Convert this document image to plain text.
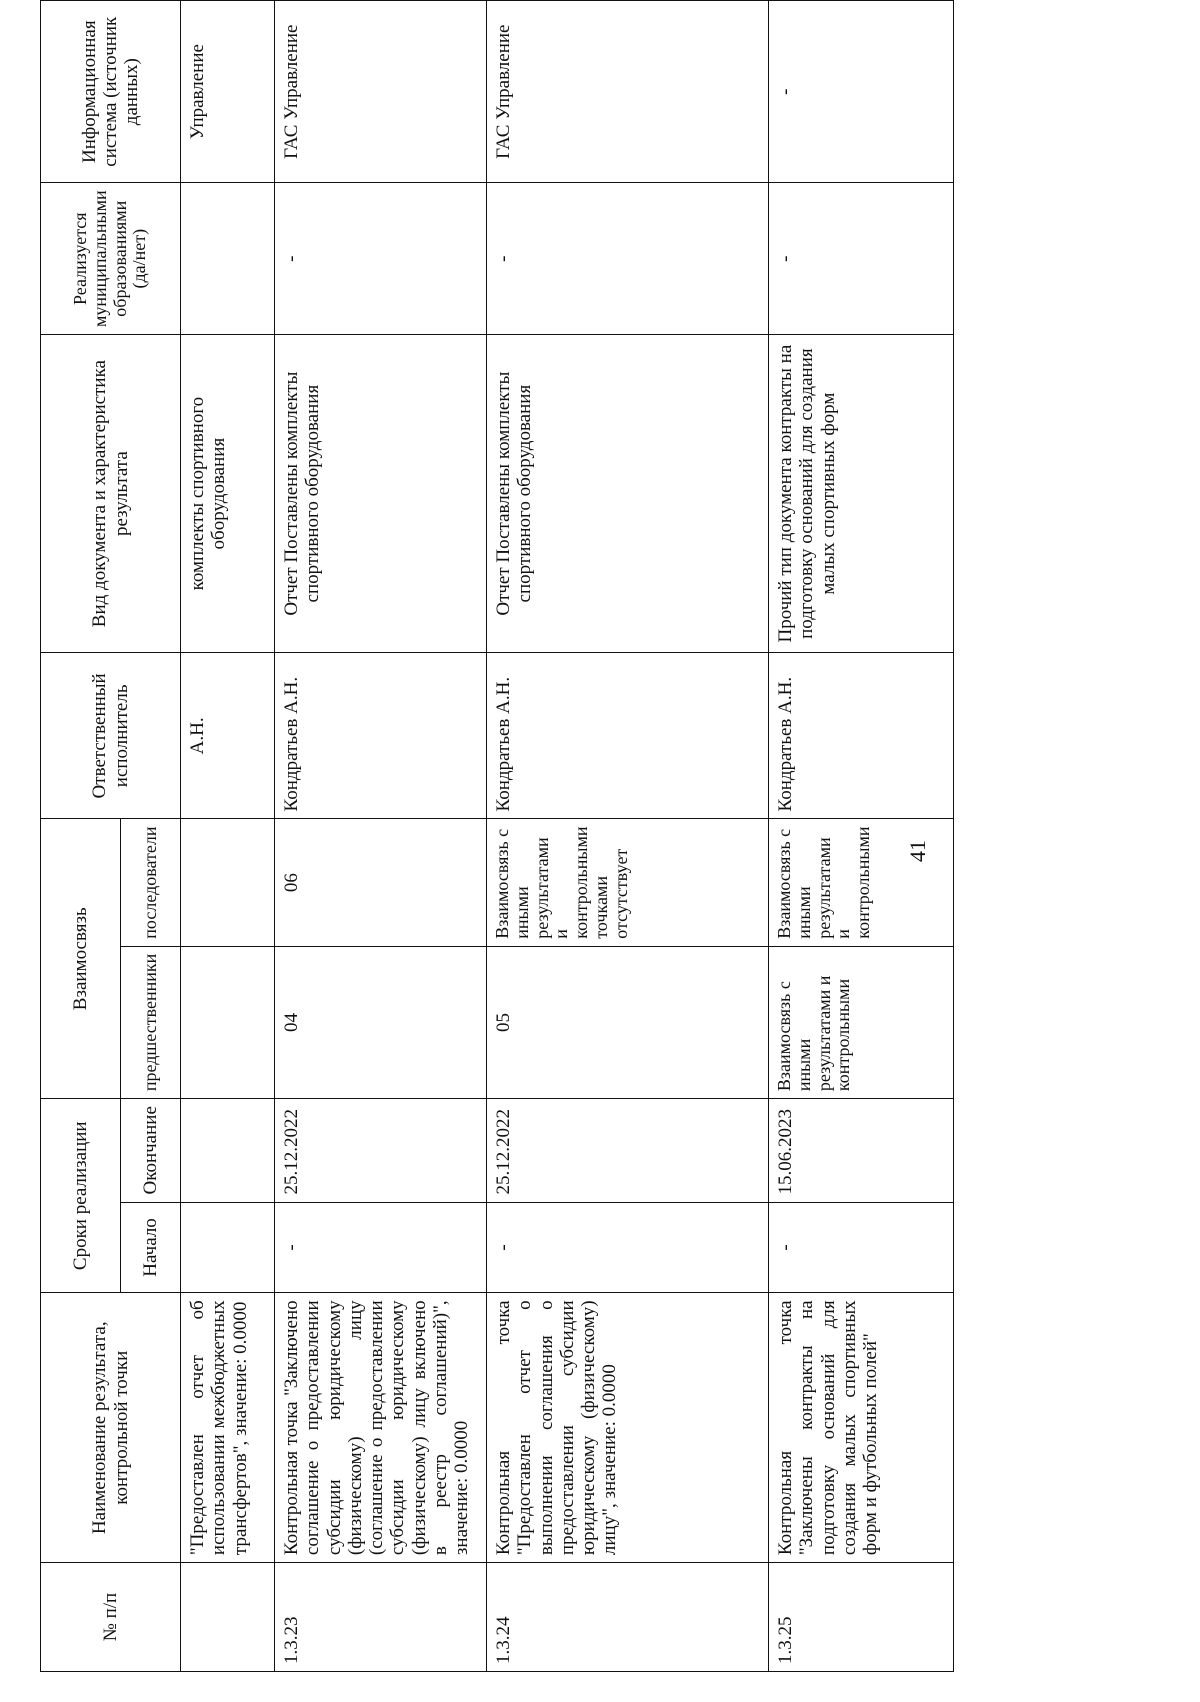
41
№ п/п	Наименование результата, контрольной точки	Сроки реализации		Взаимосвязь		Ответственный исполнитель	Вид документа и характеристика результата	Реализуется муниципальными образованиями (да/нет)	Информационная система (источник данных)
		Начало	Окончание	предшественники	последователи				
	"Предоставлен отчет об использовании межбюджетных трансфертов", значение: 0.0000					А.Н.	комплекты спортивного оборудования		Управление
1.3.23	Контрольная точка "Заключено соглашение о предоставлении субсидии юридическому (физическому) лицу (соглашение о предоставлении субсидии юридическому (физическому) лицу включено в реестр соглашений)", значение: 0.0000	-	25.12.2022	04	06	Кондратьев А.Н.	Отчет Поставлены комплекты спортивного оборудования	-	ГАС Управление
1.3.24	Контрольная точка "Предоставлен отчет о выполнении соглашения о предоставлении субсидии юридическому (физическому) лицу", значение: 0.0000	-	25.12.2022	05	Взаимосвязь с иными результатами и контрольными точками отсутствует	Кондратьев А.Н.	Отчет Поставлены комплекты спортивного оборудования	-	ГАС Управление
1.3.25	Контрольная точка "Заключены контракты на подготовку оснований для создания малых спортивных форм и футбольных полей"	-	15.06.2023	Взаимосвязь с иными результатами и контрольными	Взаимосвязь с иными результатами и контрольными	Кондратьев А.Н.	Прочий тип документа контракты на подготовку оснований для создания малых спортивных форм	-	-
